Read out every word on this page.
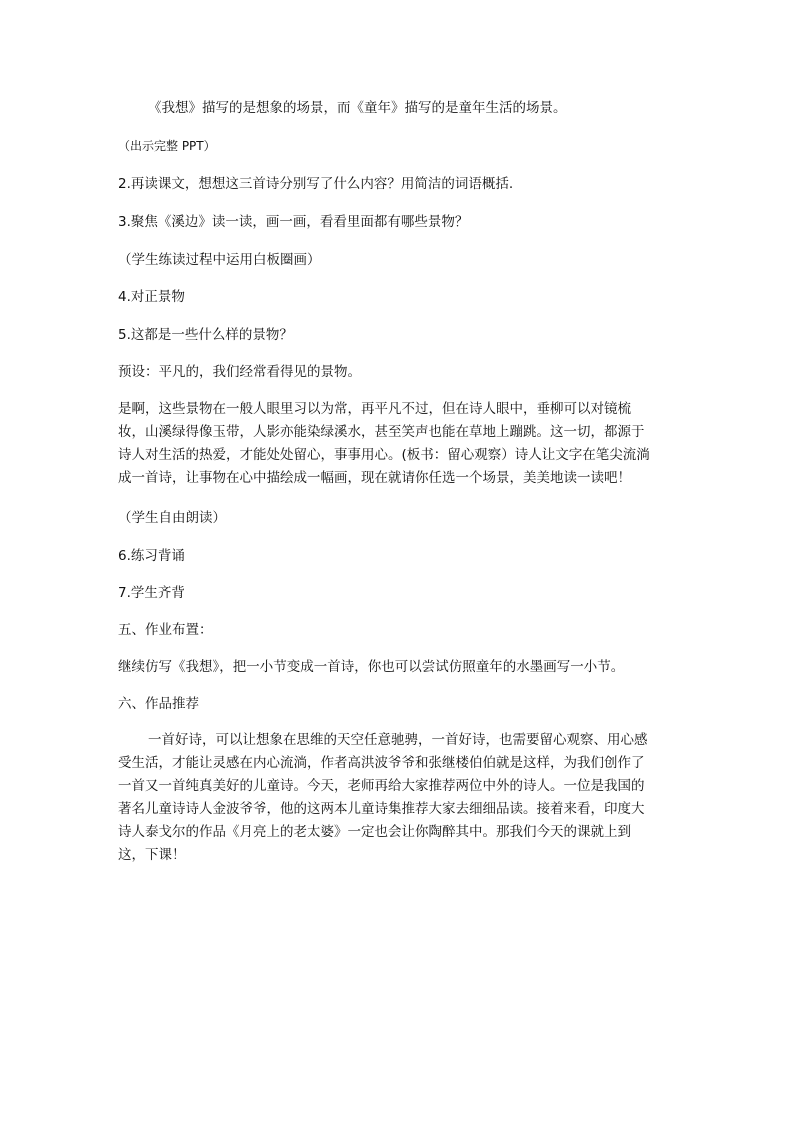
《我想》描写的是想象的场景，而《童年》描写的是童年生活的场景。
（出示完整 PPT）
2.再读课文，想想这三首诗分别写了什么内容？用简洁的词语概括.
3.聚焦《溪边》读一读，画一画，看看里面都有哪些景物？
（学生练读过程中运用白板圈画）
4.对正景物
5.这都是一些什么样的景物？
预设：平凡的，我们经常看得见的景物。
是啊，这些景物在一般人眼里习以为常，再平凡不过，但在诗人眼中，垂柳可以对镜梳
妆，山溪绿得像玉带，人影亦能染绿溪水，甚至笑声也能在草地上蹦跳。这一切，都源于
诗人对生活的热爱，才能处处留心，事事用心。(板书：留心观察）诗人让文字在笔尖流淌
成一首诗，让事物在心中描绘成一幅画，现在就请你任选一个场景，美美地读一读吧！
（学生自由朗读）
6.练习背诵
7.学生齐背
五、作业布置：
继续仿写《我想》，把一小节变成一首诗，你也可以尝试仿照童年的水墨画写一小节。
六、作品推荐
一首好诗，可以让想象在思维的天空任意驰骋，一首好诗，也需要留心观察、用心感
受生活，才能让灵感在内心流淌，作者高洪波爷爷和张继楼伯伯就是这样，为我们创作了
一首又一首纯真美好的儿童诗。今天，老师再给大家推荐两位中外的诗人。一位是我国的
著名儿童诗诗人金波爷爷，他的这两本儿童诗集推荐大家去细细品读。接着来看，印度大
诗人泰戈尔的作品《月亮上的老太婆》一定也会让你陶醉其中。那我们今天的课就上到
这，下课！
